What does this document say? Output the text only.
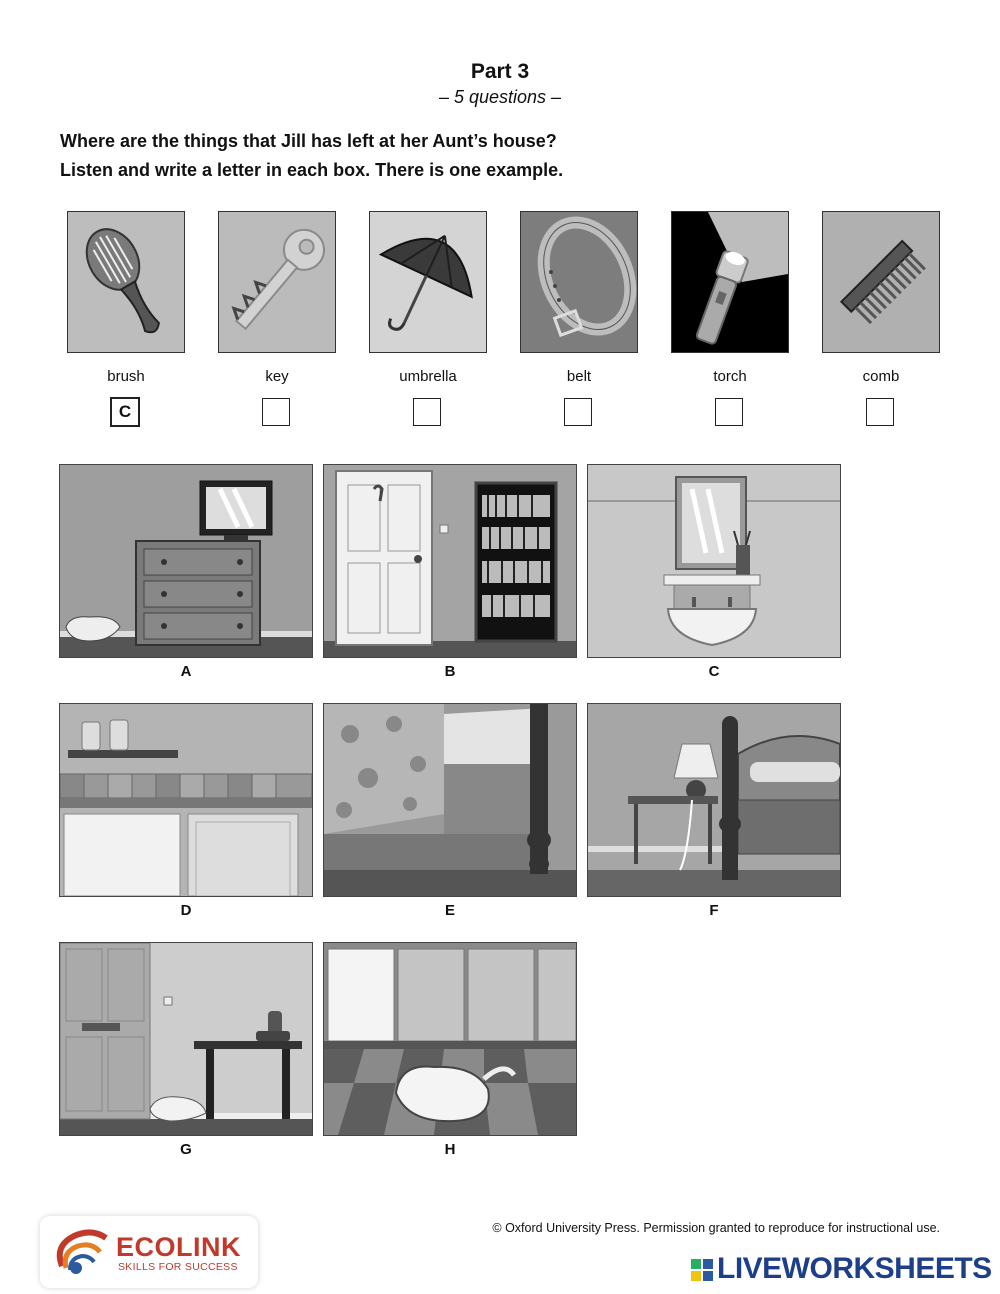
Part 3
– 5 questions –
Where are the things that Jill has left at her Aunt’s house?
Listen and write a letter in each box. There is one example.
brush
C
key	umbrella	belt	torch	comb
A	B	C
D	E	F
G	H
© Oxford University Press. Permission granted to reproduce for instructional use.
ECOLINK
SKILLS FOR SUCCESS	LIVEWORKSHEETS
